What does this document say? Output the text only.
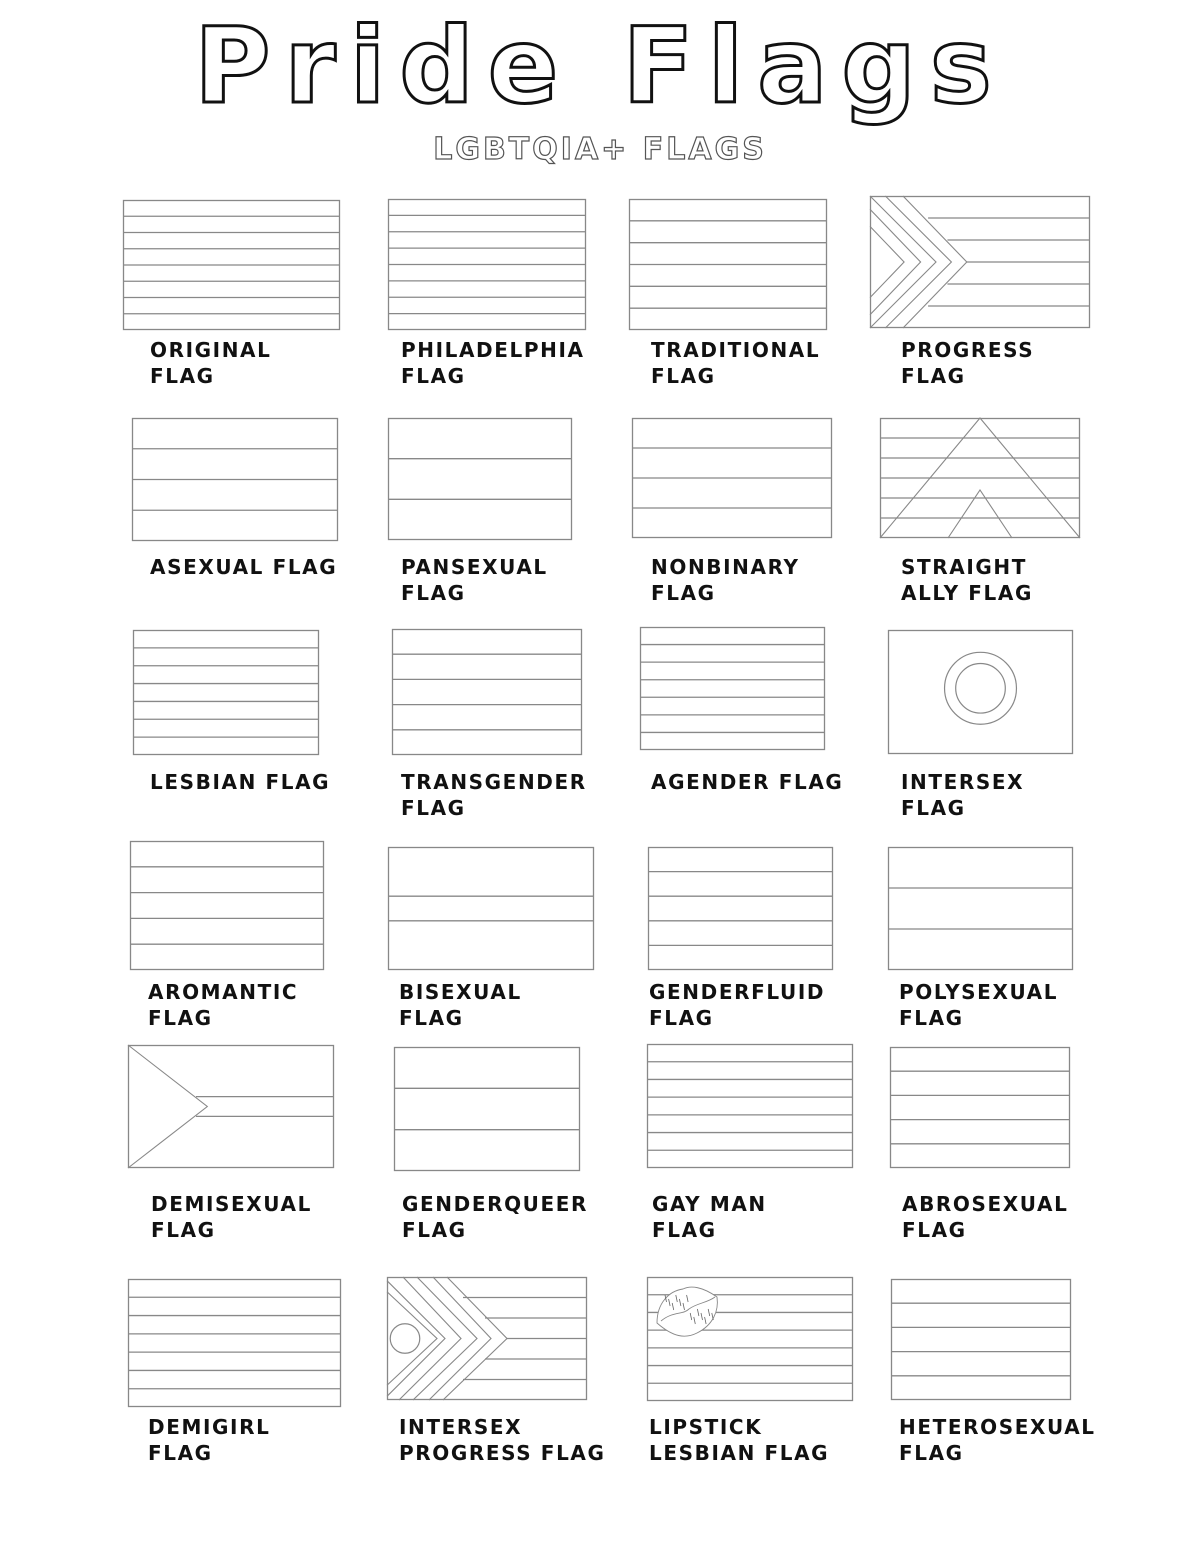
Pride Flags
LGBTQIA+ FLAGS
ORIGINAL
FLAG
PHILADELPHIA
FLAG
TRADITIONAL
FLAG
PROGRESS
FLAG
ASEXUAL FLAG	PANSEXUAL
FLAG
NONBINARY
FLAG
STRAIGHT
ALLY FLAG
LESBIAN FLAG	TRANSGENDER
FLAG
AGENDER FLAG	INTERSEX
FLAG
AROMANTIC
FLAG
BISEXUAL
FLAG
GENDERFLUID
FLAG
POLYSEXUAL
FLAG
DEMISEXUAL
FLAG
GENDERQUEER
FLAG
GAY MAN
FLAG
ABROSEXUAL
FLAG
DEMIGIRL
FLAG
INTERSEX
PROGRESS FLAG
LIPSTICK
LESBIAN FLAG
HETEROSEXUAL
FLAG
